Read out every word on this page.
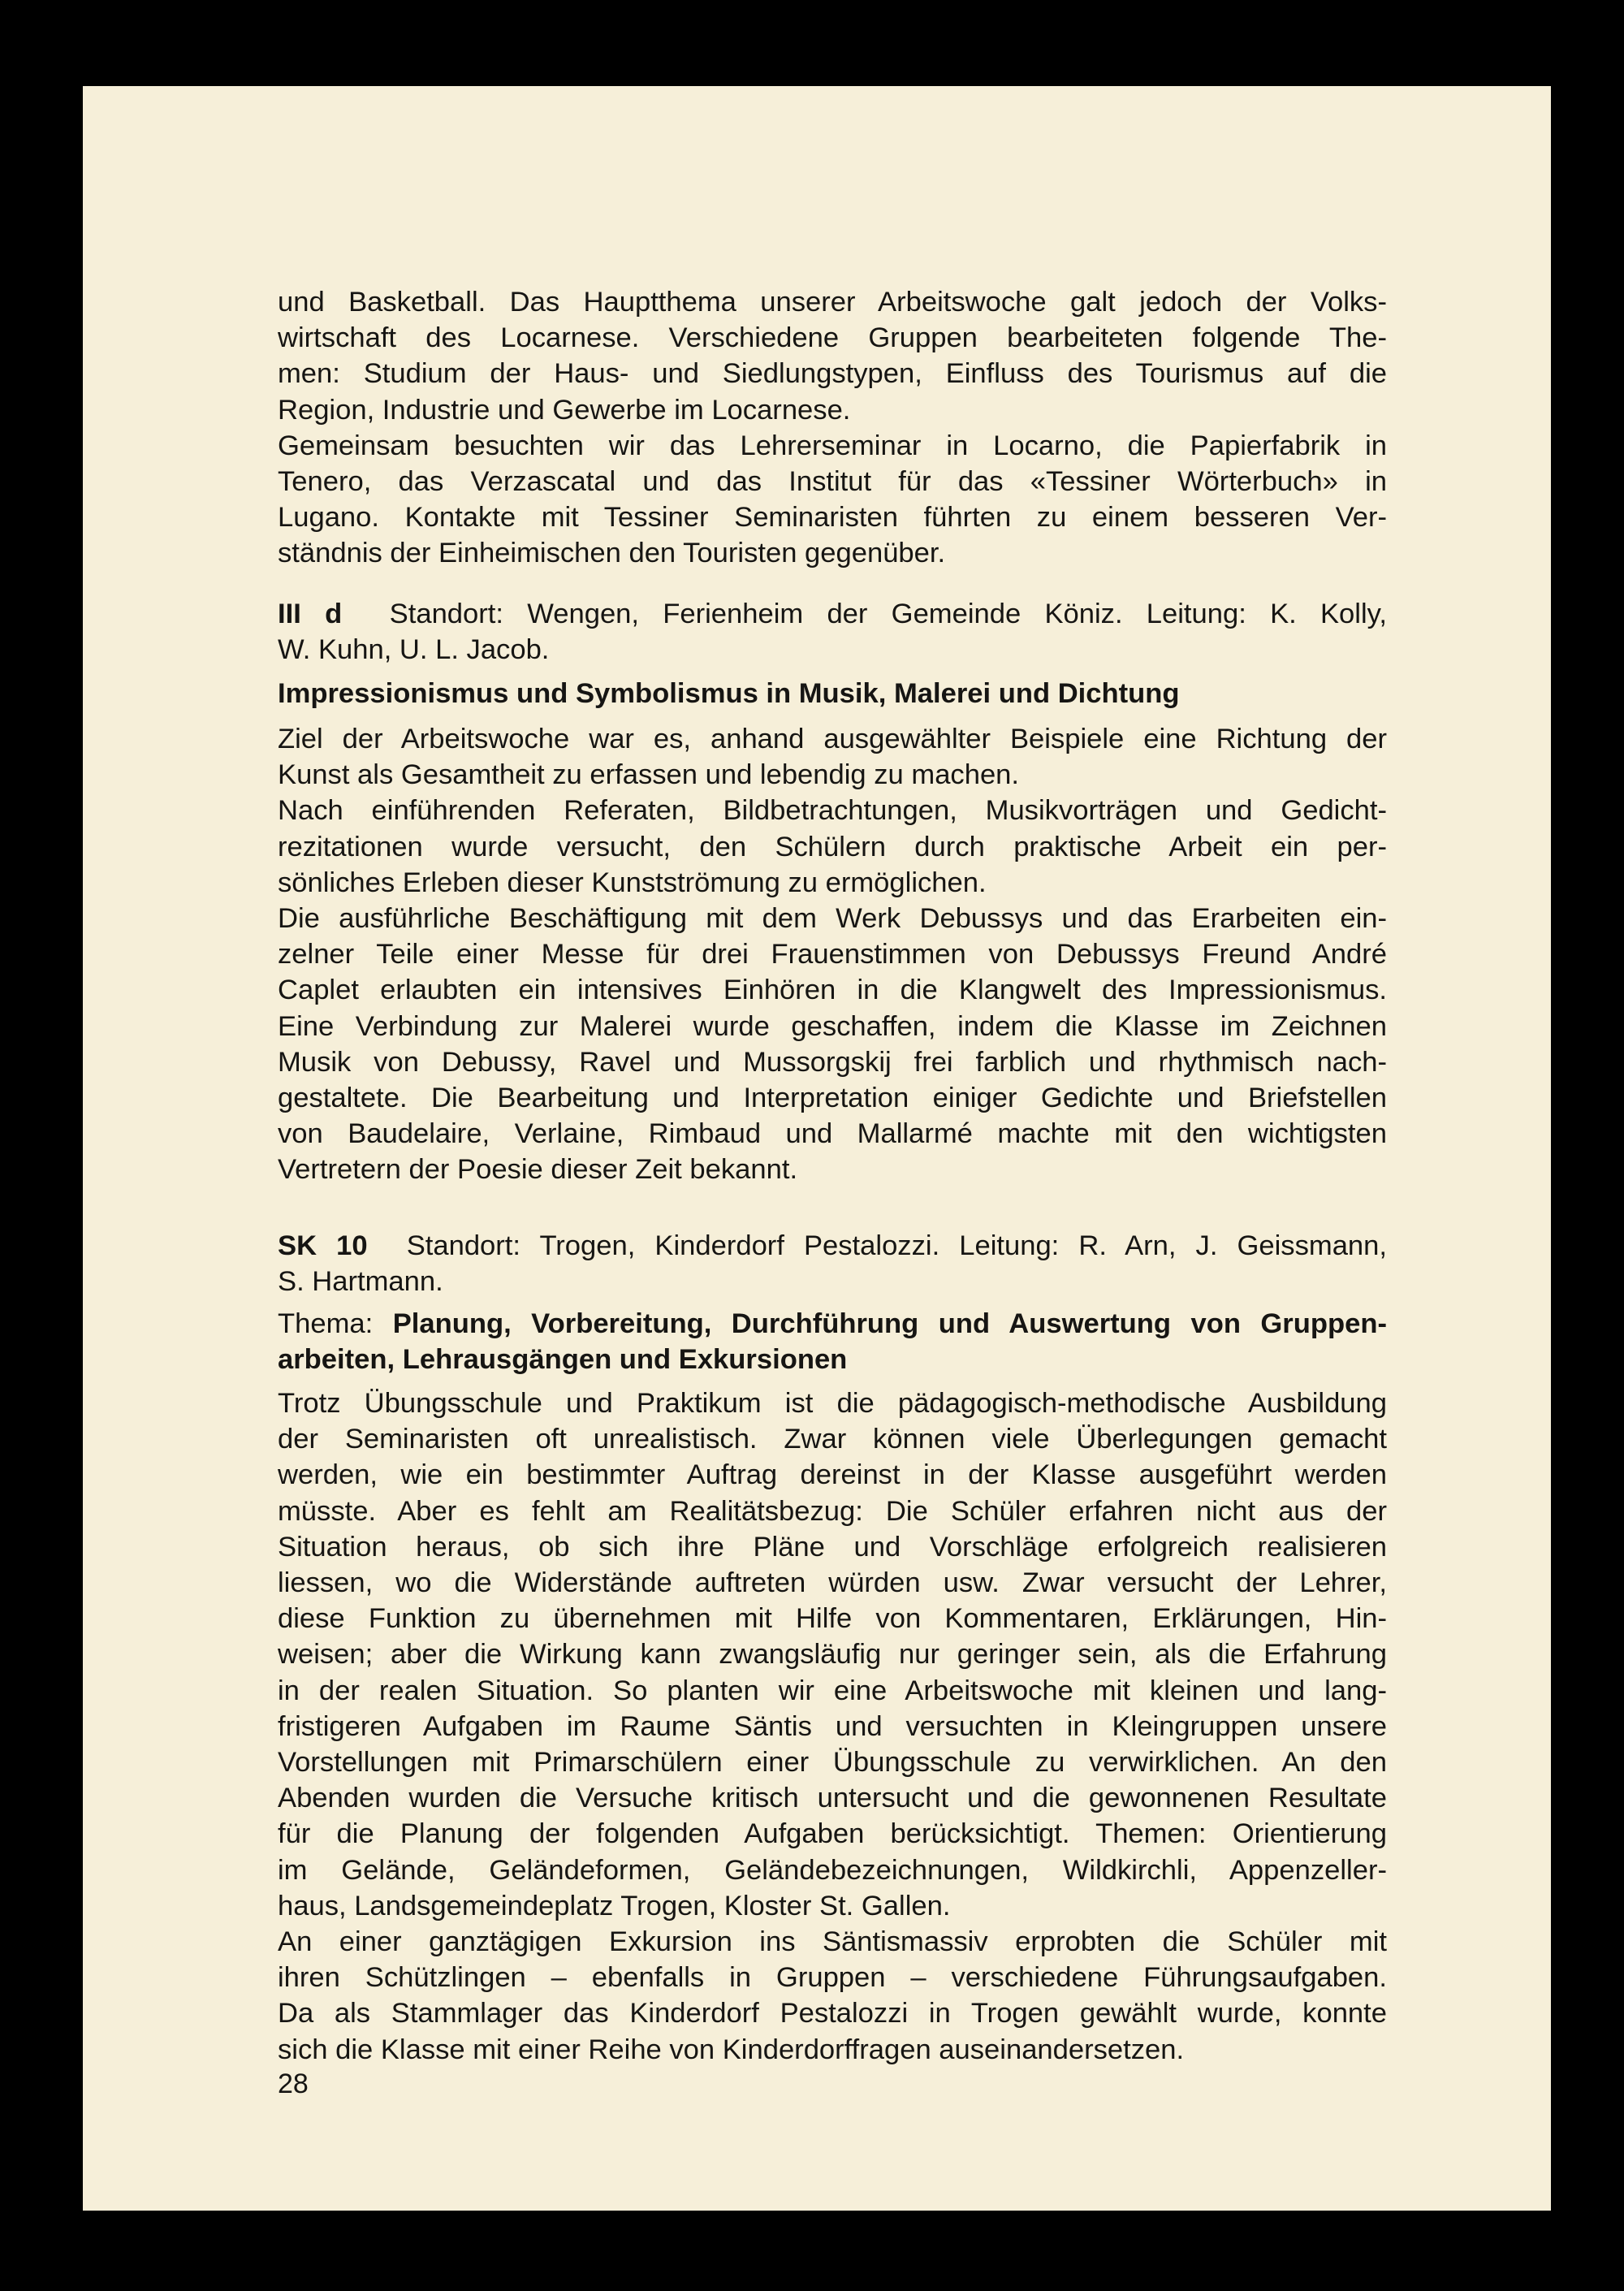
und Basketball. Das Hauptthema unserer Arbeitswoche galt jedoch der Volks-

wirtschaft des Locarnese. Verschiedene Gruppen bearbeiteten folgende The-

men: Studium der Haus- und Siedlungstypen, Einfluss des Tourismus auf die

Region, Industrie und Gewerbe im Locarnese.

Gemeinsam besuchten wir das Lehrerseminar in Locarno, die Papierfabrik in

Tenero, das Verzascatal und das Institut für das «Tessiner Wörterbuch» in

Lugano. Kontakte mit Tessiner Seminaristen führten zu einem besseren Ver-

ständnis der Einheimischen den Touristen gegenüber.

III d Standort: Wengen, Ferienheim der Gemeinde Köniz. Leitung: K. Kolly,

W. Kuhn, U. L. Jacob.

Impressionismus und Symbolismus in Musik, Malerei und Dichtung

Ziel der Arbeitswoche war es, anhand ausgewählter Beispiele eine Richtung der

Kunst als Gesamtheit zu erfassen und lebendig zu machen.

Nach einführenden Referaten, Bildbetrachtungen, Musikvorträgen und Gedicht-

rezitationen wurde versucht, den Schülern durch praktische Arbeit ein per-

sönliches Erleben dieser Kunstströmung zu ermöglichen.

Die ausführliche Beschäftigung mit dem Werk Debussys und das Erarbeiten ein-

zelner Teile einer Messe für drei Frauenstimmen von Debussys Freund André

Caplet erlaubten ein intensives Einhören in die Klangwelt des Impressionismus.

Eine Verbindung zur Malerei wurde geschaffen, indem die Klasse im Zeichnen

Musik von Debussy, Ravel und Mussorgskij frei farblich und rhythmisch nach-

gestaltete. Die Bearbeitung und Interpretation einiger Gedichte und Briefstellen

von Baudelaire, Verlaine, Rimbaud und Mallarmé machte mit den wichtigsten

Vertretern der Poesie dieser Zeit bekannt.

SK 10 Standort: Trogen, Kinderdorf Pestalozzi. Leitung: R. Arn, J. Geissmann,

S. Hartmann.

Thema: Planung, Vorbereitung, Durchführung und Auswertung von Gruppen-

arbeiten, Lehrausgängen und Exkursionen

Trotz Übungsschule und Praktikum ist die pädagogisch-methodische Ausbildung

der Seminaristen oft unrealistisch. Zwar können viele Überlegungen gemacht

werden, wie ein bestimmter Auftrag dereinst in der Klasse ausgeführt werden

müsste. Aber es fehlt am Realitätsbezug: Die Schüler erfahren nicht aus der

Situation heraus, ob sich ihre Pläne und Vorschläge erfolgreich realisieren

liessen, wo die Widerstände auftreten würden usw. Zwar versucht der Lehrer,

diese Funktion zu übernehmen mit Hilfe von Kommentaren, Erklärungen, Hin-

weisen; aber die Wirkung kann zwangsläufig nur geringer sein, als die Erfahrung

in der realen Situation. So planten wir eine Arbeitswoche mit kleinen und lang-

fristigeren Aufgaben im Raume Säntis und versuchten in Kleingruppen unsere

Vorstellungen mit Primarschülern einer Übungsschule zu verwirklichen. An den

Abenden wurden die Versuche kritisch untersucht und die gewonnenen Resultate

für die Planung der folgenden Aufgaben berücksichtigt. Themen: Orientierung

im Gelände, Geländeformen, Geländebezeichnungen, Wildkirchli, Appenzeller-

haus, Landsgemeindeplatz Trogen, Kloster St. Gallen.

An einer ganztägigen Exkursion ins Säntismassiv erprobten die Schüler mit

ihren Schützlingen – ebenfalls in Gruppen – verschiedene Führungsaufgaben.

Da als Stammlager das Kinderdorf Pestalozzi in Trogen gewählt wurde, konnte

sich die Klasse mit einer Reihe von Kinderdorffragen auseinandersetzen.

28
